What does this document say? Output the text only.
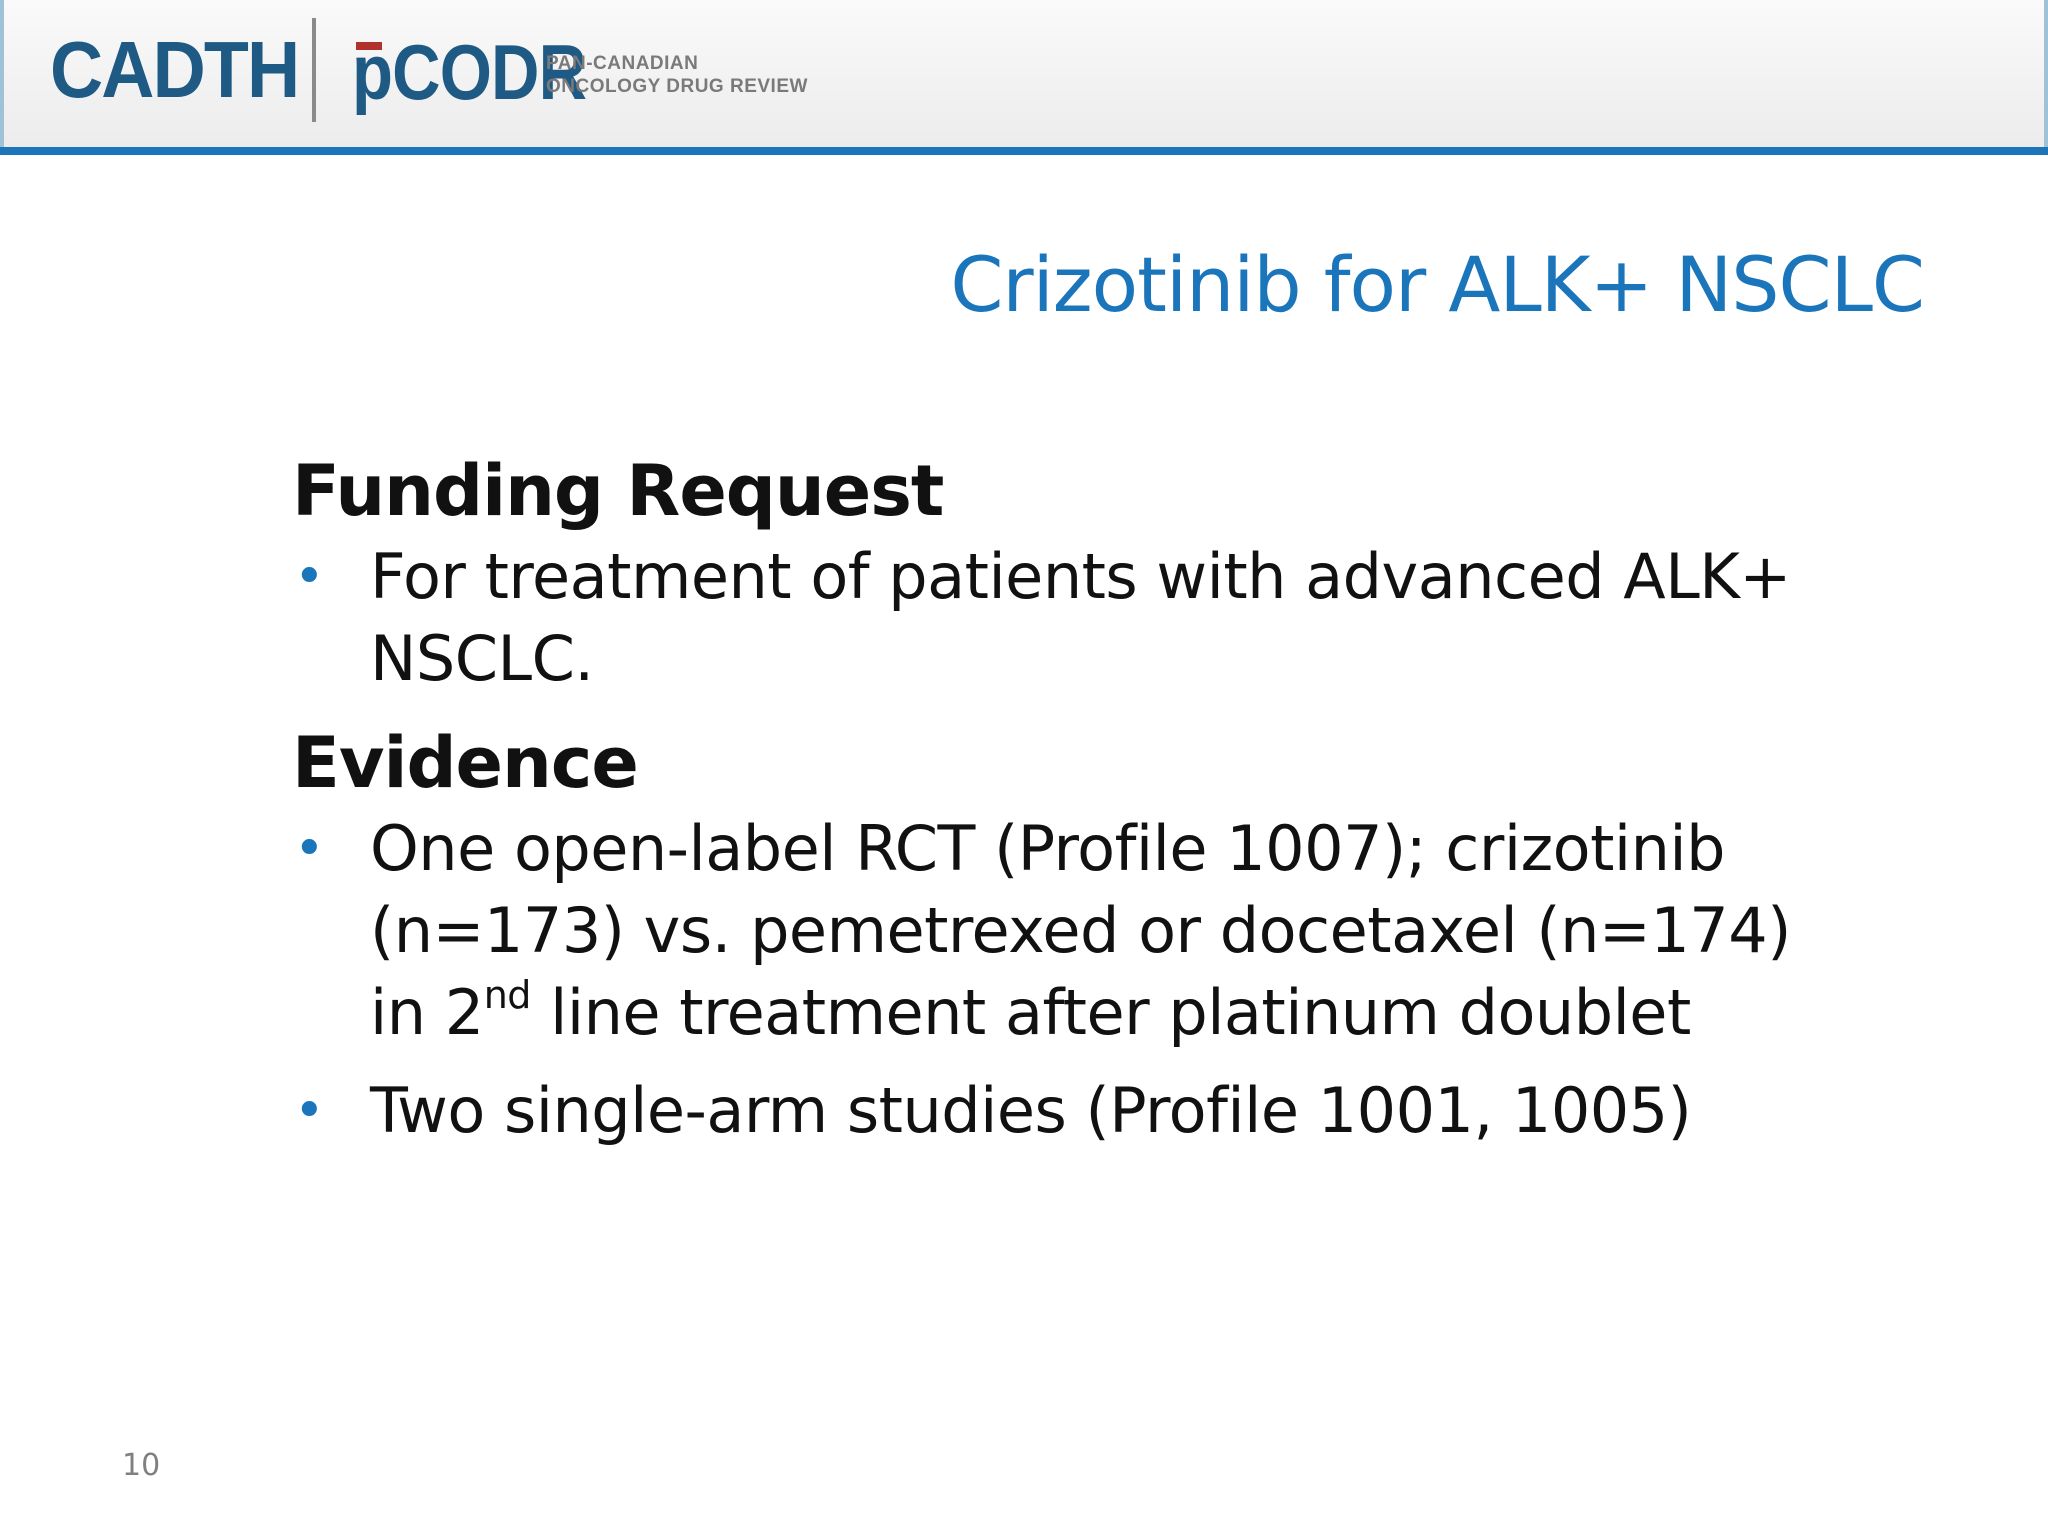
CADTH pCODR
PAN-CANADIAN
ONCOLOGY DRUG REVIEW
Crizotinib for ALK+ NSCLC
Funding Request
• For treatment of patients with advanced ALK+ NSCLC.
Evidence
• One open-label RCT (Profile 1007); crizotinib (n=173) vs. pemetrexed or docetaxel (n=174) in 2nd line treatment after platinum doublet
• Two single-arm studies (Profile 1001, 1005)
10
